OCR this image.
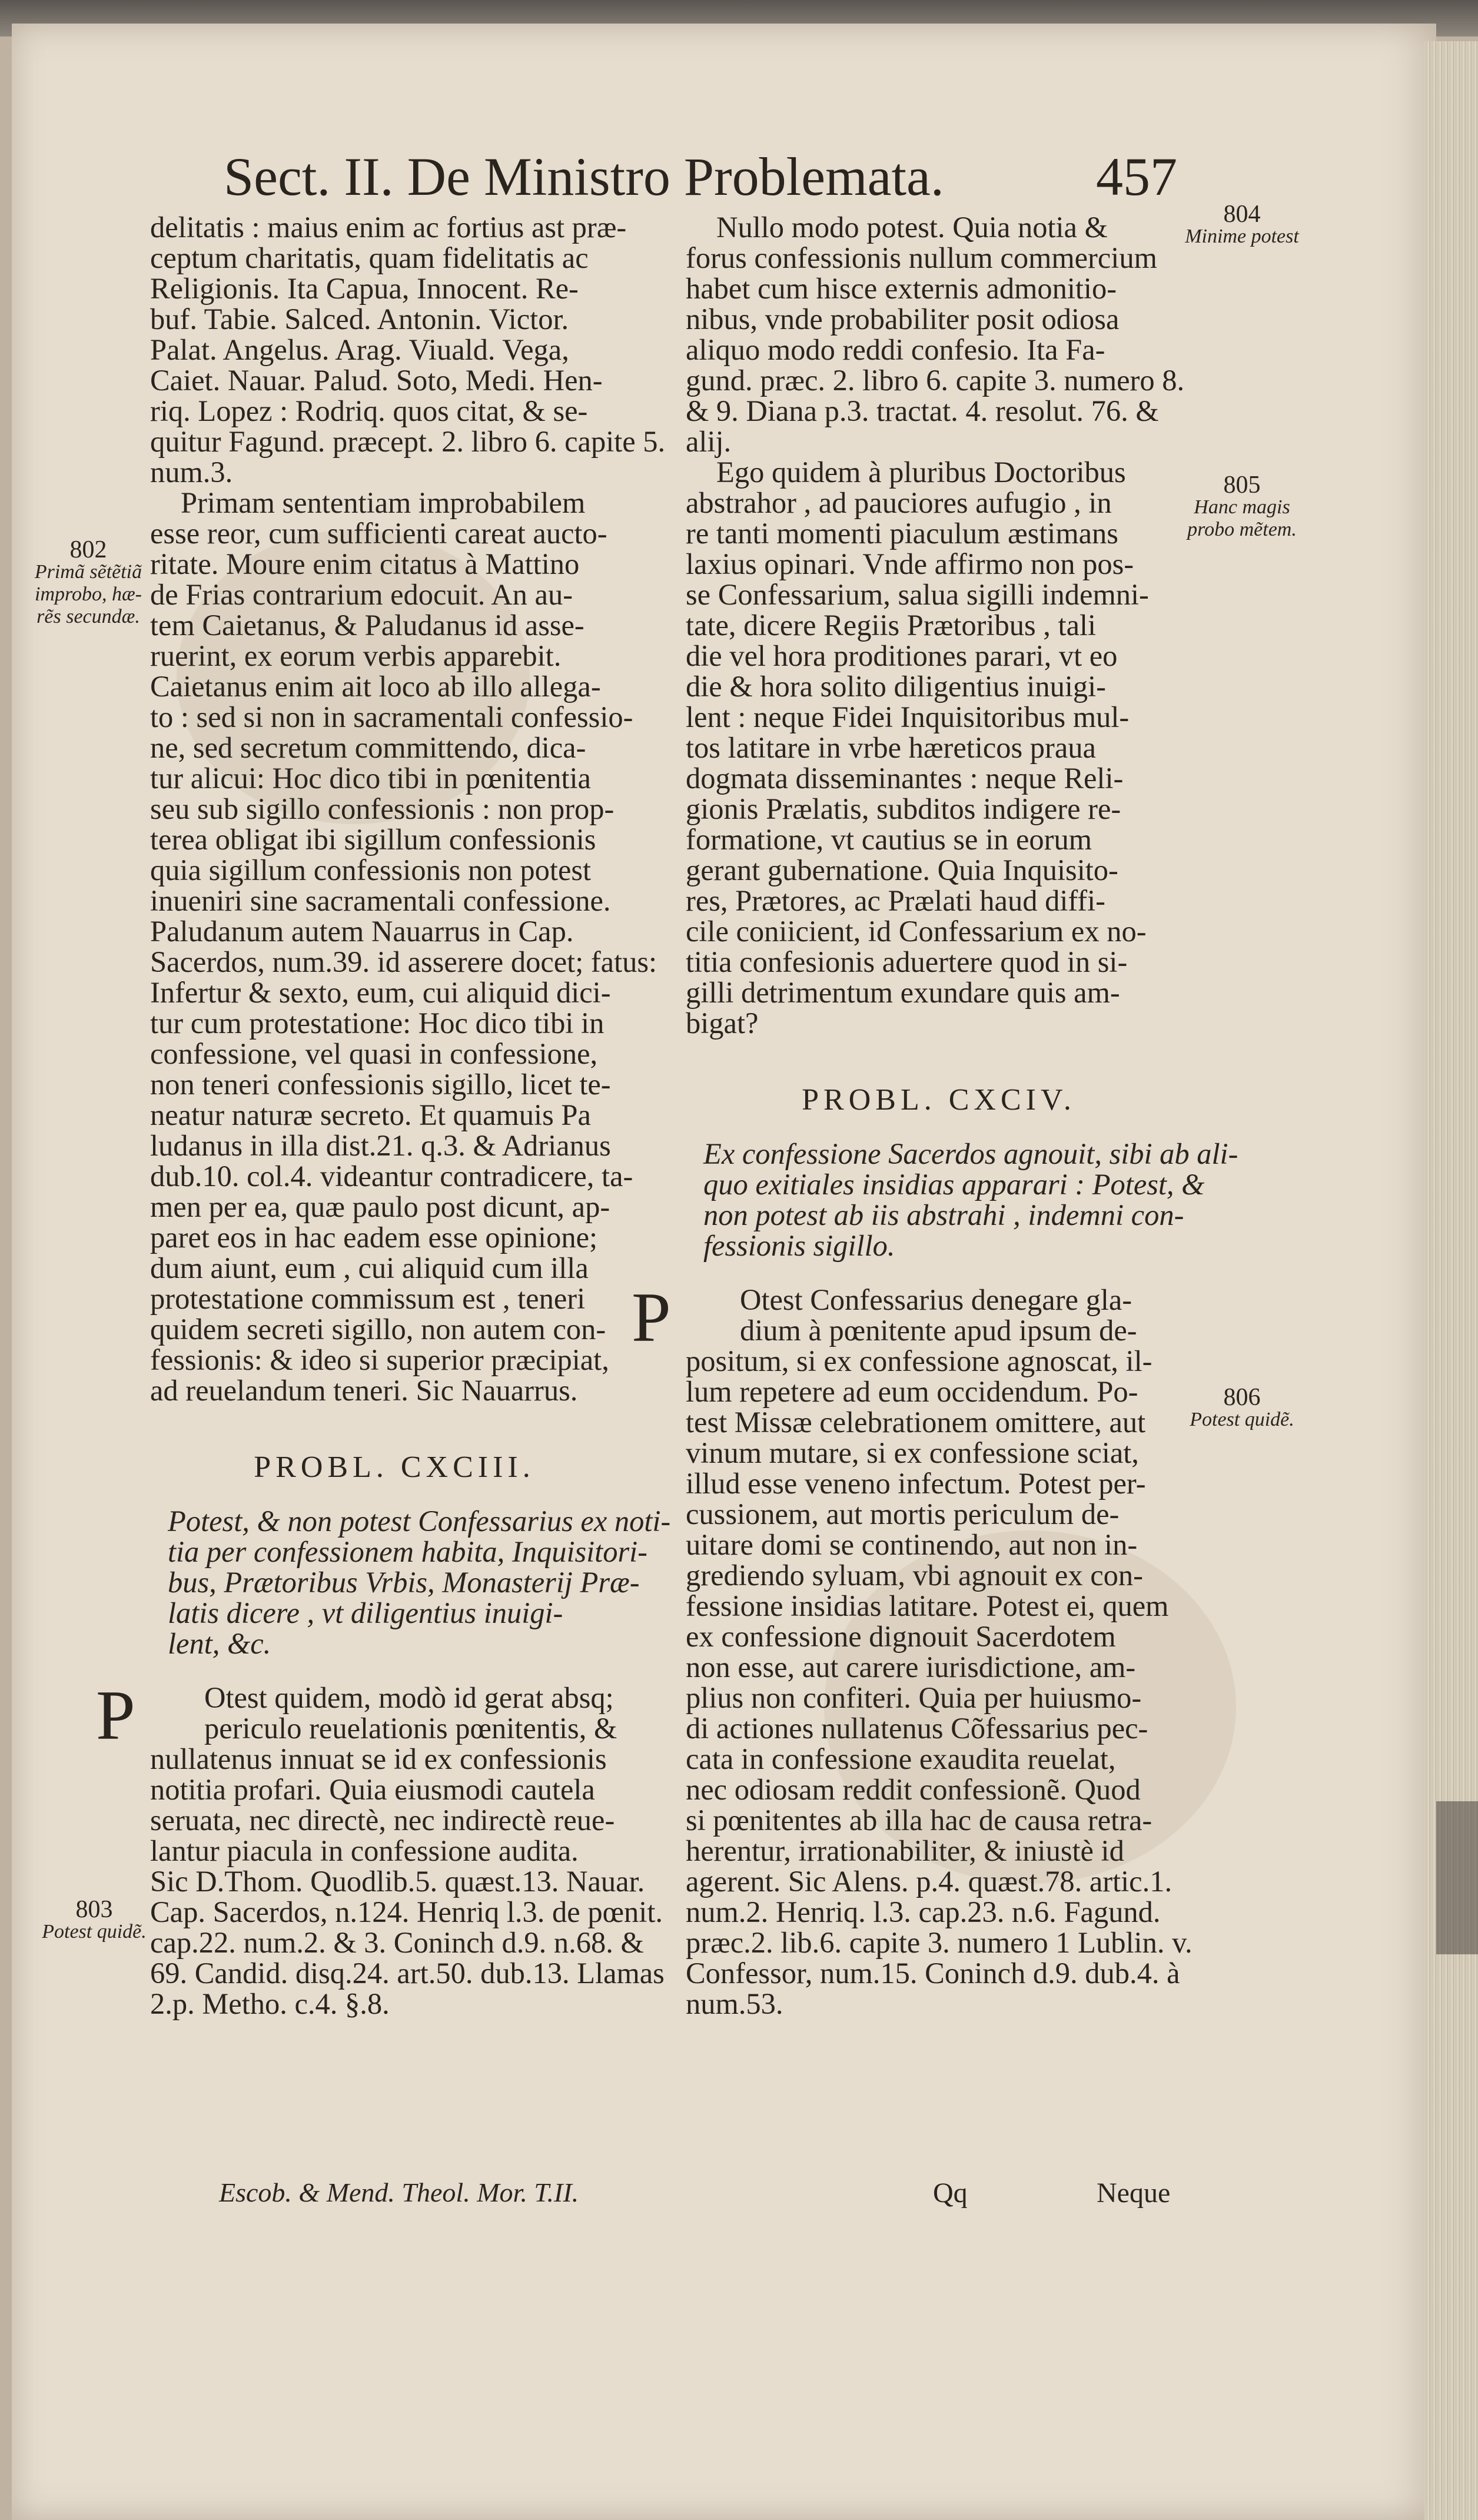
Sect. II. De Ministro Problemata.	457
delitatis : maius enim ac fortius ast præ-
ceptum charitatis, quam fidelitatis ac
Religionis. Ita Capua, Innocent. Re-
buf. Tabie. Salced. Antonin. Victor.
Palat. Angelus. Arag. Viuald. Vega,
Caiet. Nauar. Palud. Soto, Medi. Hen-
riq. Lopez : Rodriq. quos citat, & se-
quitur Fagund. præcept. 2. libro 6. capite 5.
num.3.
Primam sententiam improbabilem
esse reor, cum sufficienti careat aucto-
ritate. Moure enim citatus à Mattino
de Frias contrarium edocuit. An au-
tem Caietanus, & Paludanus id asse-
ruerint, ex eorum verbis apparebit.
Caietanus enim ait loco ab illo allega-
to : sed si non in sacramentali confessio-
ne, sed secretum committendo, dica-
tur alicui: Hoc dico tibi in pœnitentia
seu sub sigillo confessionis : non prop-
terea obligat ibi sigillum confessionis
quia sigillum confessionis non potest
inueniri sine sacramentali confessione.
Paludanum autem Nauarrus in Cap.
Sacerdos, num.39. id asserere docet; fatus:
Infertur & sexto, eum, cui aliquid dici-
tur cum protestatione: Hoc dico tibi in
confessione, vel quasi in confessione,
non teneri confessionis sigillo, licet te-
neatur naturæ secreto. Et quamuis Pa
ludanus in illa dist.21. q.3. & Adrianus
dub.10. col.4. videantur contradicere, ta-
men per ea, quæ paulo post dicunt, ap-
paret eos in hac eadem esse opinione;
dum aiunt, eum , cui aliquid cum illa
protestatione commissum est , teneri
quidem secreti sigillo, non autem con-
fessionis: & ideo si superior præcipiat,
ad reuelandum teneri. Sic Nauarrus.
PROBL. CXCIII.
Potest, & non potest Confessarius ex noti-
tia per confessionem habita, Inquisitori-
bus, Prætoribus Vrbis, Monasterij Præ-
latis dicere , vt diligentius inuigi-
lent, &c.
P Otest quidem, modò id gerat absq;
periculo reuelationis pœnitentis, &
nullatenus innuat se id ex confessionis
notitia profari. Quia eiusmodi cautela
seruata, nec directè, nec indirectè reue-
lantur piacula in confessione audita.
Sic D.Thom. Quodlib.5. quæst.13. Nauar.
Cap. Sacerdos, n.124. Henriq l.3. de pœnit.
cap.22. num.2. & 3. Coninch d.9. n.68. &
69. Candid. disq.24. art.50. dub.13. Llamas
2.p. Metho. c.4. §.8.
Nullo modo potest. Quia notia &
forus confessionis nullum commercium
habet cum hisce externis admonitio-
nibus, vnde probabiliter posit odiosa
aliquo modo reddi confesio. Ita Fa-
gund. præc. 2. libro 6. capite 3. numero 8.
& 9. Diana p.3. tractat. 4. resolut. 76. &
alij.
Ego quidem à pluribus Doctoribus
abstrahor , ad pauciores aufugio , in
re tanti momenti piaculum æstimans
laxius opinari. Vnde affirmo non pos-
se Confessarium, salua sigilli indemni-
tate, dicere Regiis Prætoribus , tali
die vel hora proditiones parari, vt eo
die & hora solito diligentius inuigi-
lent : neque Fidei Inquisitoribus mul-
tos latitare in vrbe hæreticos praua
dogmata disseminantes : neque Reli-
gionis Prælatis, subditos indigere re-
formatione, vt cautius se in eorum
gerant gubernatione. Quia Inquisito-
res, Prætores, ac Prælati haud diffi-
cile coniicient, id Confessarium ex no-
titia confesionis aduertere quod in si-
gilli detrimentum exundare quis am-
bigat?
PROBL. CXCIV.
Ex confessione Sacerdos agnouit, sibi ab ali-
quo exitiales insidias apparari : Potest, &
non potest ab iis abstrahi , indemni con-
fessionis sigillo.
P Otest Confessarius denegare gla-
dium à pœnitente apud ipsum de-
positum, si ex confessione agnoscat, il-
lum repetere ad eum occidendum. Po-
test Missæ celebrationem omittere, aut
vinum mutare, si ex confessione sciat,
illud esse veneno infectum. Potest per-
cussionem, aut mortis periculum de-
uitare domi se continendo, aut non in-
grediendo syluam, vbi agnouit ex con-
fessione insidias latitare. Potest ei, quem
ex confessione dignouit Sacerdotem
non esse, aut carere iurisdictione, am-
plius non confiteri. Quia per huiusmo-
di actiones nullatenus Cõfessarius pec-
cata in confessione exaudita reuelat,
nec odiosam reddit confessionẽ. Quod
si pœnitentes ab illa hac de causa retra-
herentur, irrationabiliter, & iniustè id
agerent. Sic Alens. p.4. quæst.78. artic.1.
num.2. Henriq. l.3. cap.23. n.6. Fagund.
præc.2. lib.6. capite 3. numero 1 Lublin. v.
Confessor, num.15. Coninch d.9. dub.4. à
num.53.
802
Primã sẽtẽtiã
improbo, hæ-
rẽs secundæ.
803
Potest quidẽ.
804
Minime potest
805
Hanc magis
probo mẽtem.
806
Potest quidẽ.
Escob. & Mend. Theol. Mor. T.II.	Qq	Neque
